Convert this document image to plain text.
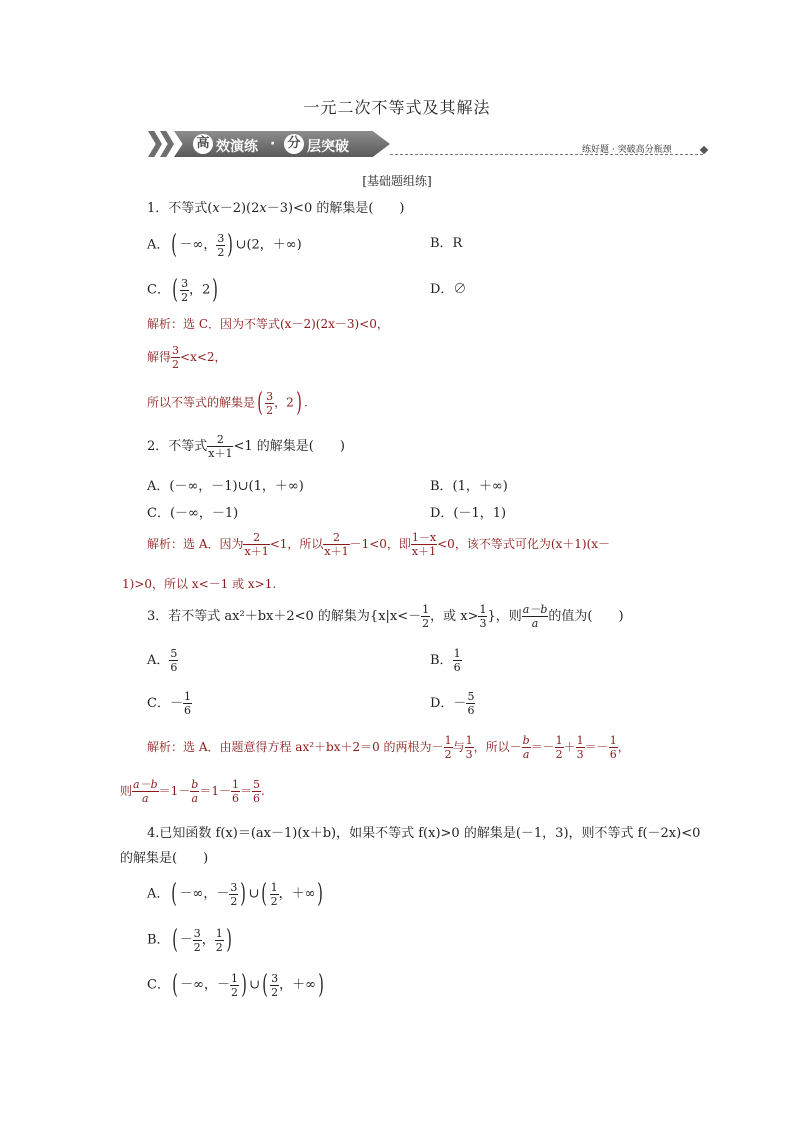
一元二次不等式及其解法
高 效演练 · 分 层突破	练好题 · 突破高分瓶颈
[基础题组练]
1．不等式(x－2)(2x－3)<0 的解集是(　　)
A．( －∞， $\frac{3}{2}$ ) ∪(2，＋∞)	B．R
C．( $\frac{3}{2}$ ，2)	D．∅
解析：选 C．因为不等式(x－2)(2x－3)<0，
解得 $\frac{3}{2} <x<2$，
所以不等式的解集是( $\frac{3}{2}$ ，2) .
2．不等式 $\frac{2}{x+1} <1$ 的解集是(　　)
A．(－∞，－1)∪(1，＋∞)	B．(1，＋∞)
C．(－∞，－1)	D．(－1，1)
解析：选 A．因为 $\frac{2}{x+1} <1$，所以 $\frac{2}{x+1} -1<0$，即 $\frac{1-x}{x+1} <0$，该不等式可化为(x＋1)(x－
1)>0，所以 x<－1 或 x>1.
3．若不等式 ax²＋bx＋2<0 的解集为{$x|x<- \frac{1}{2}$ ，或 $x> \frac{1}{3}$ }，则 $\frac{a-b}{a}$ 的值为(　　)
A． $\frac{5}{6}$	B． $\frac{1}{6}$
C．－ $\frac{1}{6}$	D．－ $\frac{5}{6}$
解析：选 A．由题意得方程 ax²＋bx＋2＝0 的两根为－ $\frac{1}{2}$ 与 $\frac{1}{3}$ ，所以－ $\frac{b}{a} =- \frac{1}{2} + \frac{1}{3} =- \frac{1}{6}$ ，
则 $\frac{a-b}{a} =1- \frac{b}{a} =1- \frac{1}{6} = \frac{5}{6}$ .
4.已知函数 f(x)＝(ax－1)(x＋b)，如果不等式 f(x)>0 的解集是(－1，3)，则不等式 f(－2x)<0
的解集是(　　)
A．( －∞，－ $\frac{3}{2}$ ) ∪( $\frac{1}{2}$ ，＋∞)
B．( － $\frac{3}{2}$ ， $\frac{1}{2}$ )
C．( －∞，－ $\frac{1}{2}$ ) ∪( $\frac{3}{2}$ ，＋∞)
